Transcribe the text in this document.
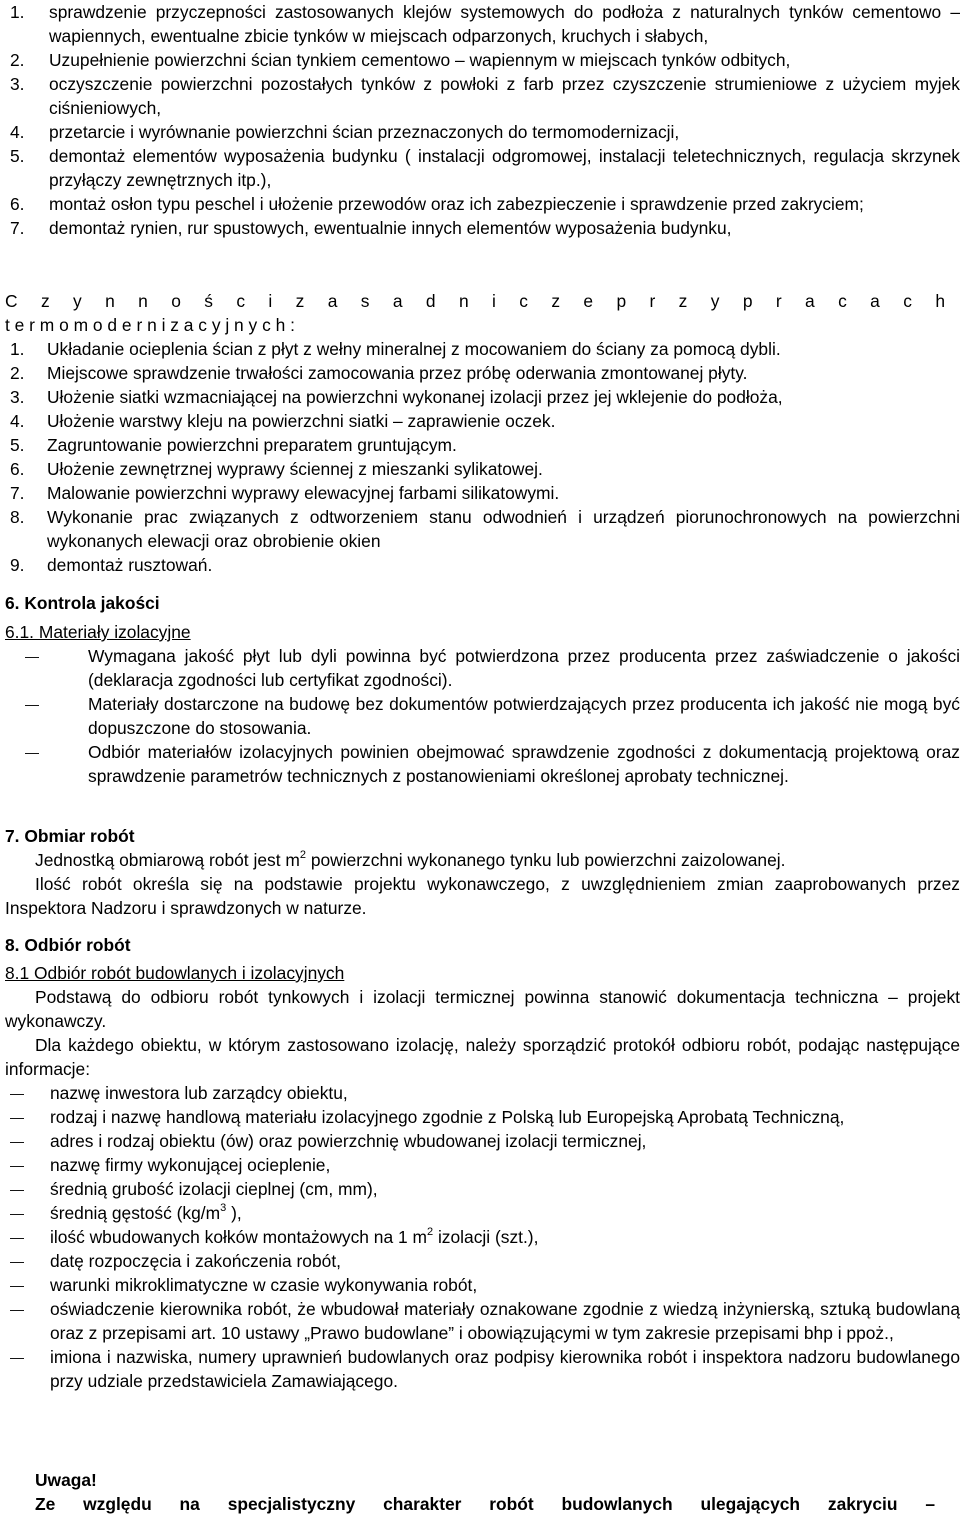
1. sprawdzenie przyczepności zastosowanych klejów systemowych do podłoża z naturalnych tynków cementowo – wapiennych, ewentualne zbicie tynków w miejscach odparzonych, kruchych i słabych,
2. Uzupełnienie powierzchni ścian tynkiem cementowo – wapiennym w miejscach tynków odbitych,
3. oczyszczenie powierzchni pozostałych tynków z powłoki z farb przez czyszczenie strumieniowe z użyciem myjek ciśnieniowych,
4. przetarcie i wyrównanie powierzchni ścian przeznaczonych do termomodernizacji,
5. demontaż elementów wyposażenia budynku ( instalacji odgromowej, instalacji teletechnicznych, regulacja skrzynek przyłączy zewnętrznych itp.),
6. montaż osłon typu peschel i ułożenie przewodów oraz ich zabezpieczenie i sprawdzenie przed zakryciem;
7. demontaż rynien, rur spustowych, ewentualnie innych elementów wyposażenia budynku,

C z y n n o ś c i z a s a d n i c z e p r z y p r a c a c h

t e r m o m o d e r n i z a c y j n y c h :

1. Układanie ocieplenia ścian z płyt z wełny mineralnej z mocowaniem do ściany za pomocą dybli.
2. Miejscowe sprawdzenie trwałości zamocowania przez próbę oderwania zmontowanej płyty.
3. Ułożenie siatki wzmacniającej na powierzchni wykonanej izolacji przez jej wklejenie do podłoża,
4. Ułożenie warstwy kleju na powierzchni siatki – zaprawienie oczek.
5. Zagruntowanie powierzchni preparatem gruntującym.
6. Ułożenie zewnętrznej wyprawy ściennej z mieszanki sylikatowej.
7. Malowanie powierzchni wyprawy elewacyjnej farbami silikatowymi.
8. Wykonanie prac związanych z odtworzeniem stanu odwodnień i urządzeń piorunochronowych na powierzchni wykonanych elewacji oraz obrobienie okien
9. demontaż rusztowań.

6. Kontrola jakości

6.1. Materiały izolacyjne

―	Wymagana jakość płyt lub dyli powinna być potwierdzona przez producenta przez zaświadczenie o jakości (deklaracja zgodności lub certyfikat zgodności).
―	Materiały dostarczone na budowę bez dokumentów potwierdzających przez producenta ich jakość nie mogą być dopuszczone do stosowania.
―	Odbiór materiałów izolacyjnych powinien obejmować sprawdzenie zgodności z dokumentacją projektową oraz sprawdzenie parametrów technicznych z postanowieniami określonej aprobaty technicznej.

7. Obmiar robót

Jednostką obmiarową robót jest $m^2$ powierzchni wykonanego tynku lub powierzchni zaizolowanej.

Ilość robót określa się na podstawie projektu wykonawczego, z uwzględnieniem zmian zaaprobowanych przez Inspektora Nadzoru i sprawdzonych w naturze.

8. Odbiór robót

8.1 Odbiór robót budowlanych i izolacyjnych

Podstawą do odbioru robót tynkowych i izolacji termicznej powinna stanowić dokumentacja techniczna – projekt wykonawczy.

Dla każdego obiektu, w którym zastosowano izolację, należy sporządzić protokół odbioru robót, podając następujące informacje:

― nazwę inwestora lub zarządcy obiektu,
― rodzaj i nazwę handlową materiału izolacyjnego zgodnie z Polską lub Europejską Aprobatą Techniczną,
― adres i rodzaj obiektu (ów) oraz powierzchnię wbudowanej izolacji termicznej,
― nazwę firmy wykonującej ocieplenie,
― średnią grubość izolacji cieplnej (cm, mm),
― średnią gęstość ($kg/m^3$ ),
― ilość wbudowanych kołków montażowych na 1 $m^2$ izolacji (szt.),
― datę rozpoczęcia i zakończenia robót,
― warunki mikroklimatyczne w czasie wykonywania robót,
― oświadczenie kierownika robót, że wbudował materiały oznakowane zgodnie z wiedzą inżynierską, sztuką budowlaną oraz z przepisami art. 10 ustawy „Prawo budowlane” i obowiązującymi w tym zakresie przepisami bhp i ppoż.,
― imiona i nazwiska, numery uprawnień budowlanych oraz podpisy kierownika robót i inspektora nadzoru budowlanego przy udziale przedstawiciela Zamawiającego.

Uwaga!

Ze względu na specjalistyczny charakter robót budowlanych ulegających zakryciu –
